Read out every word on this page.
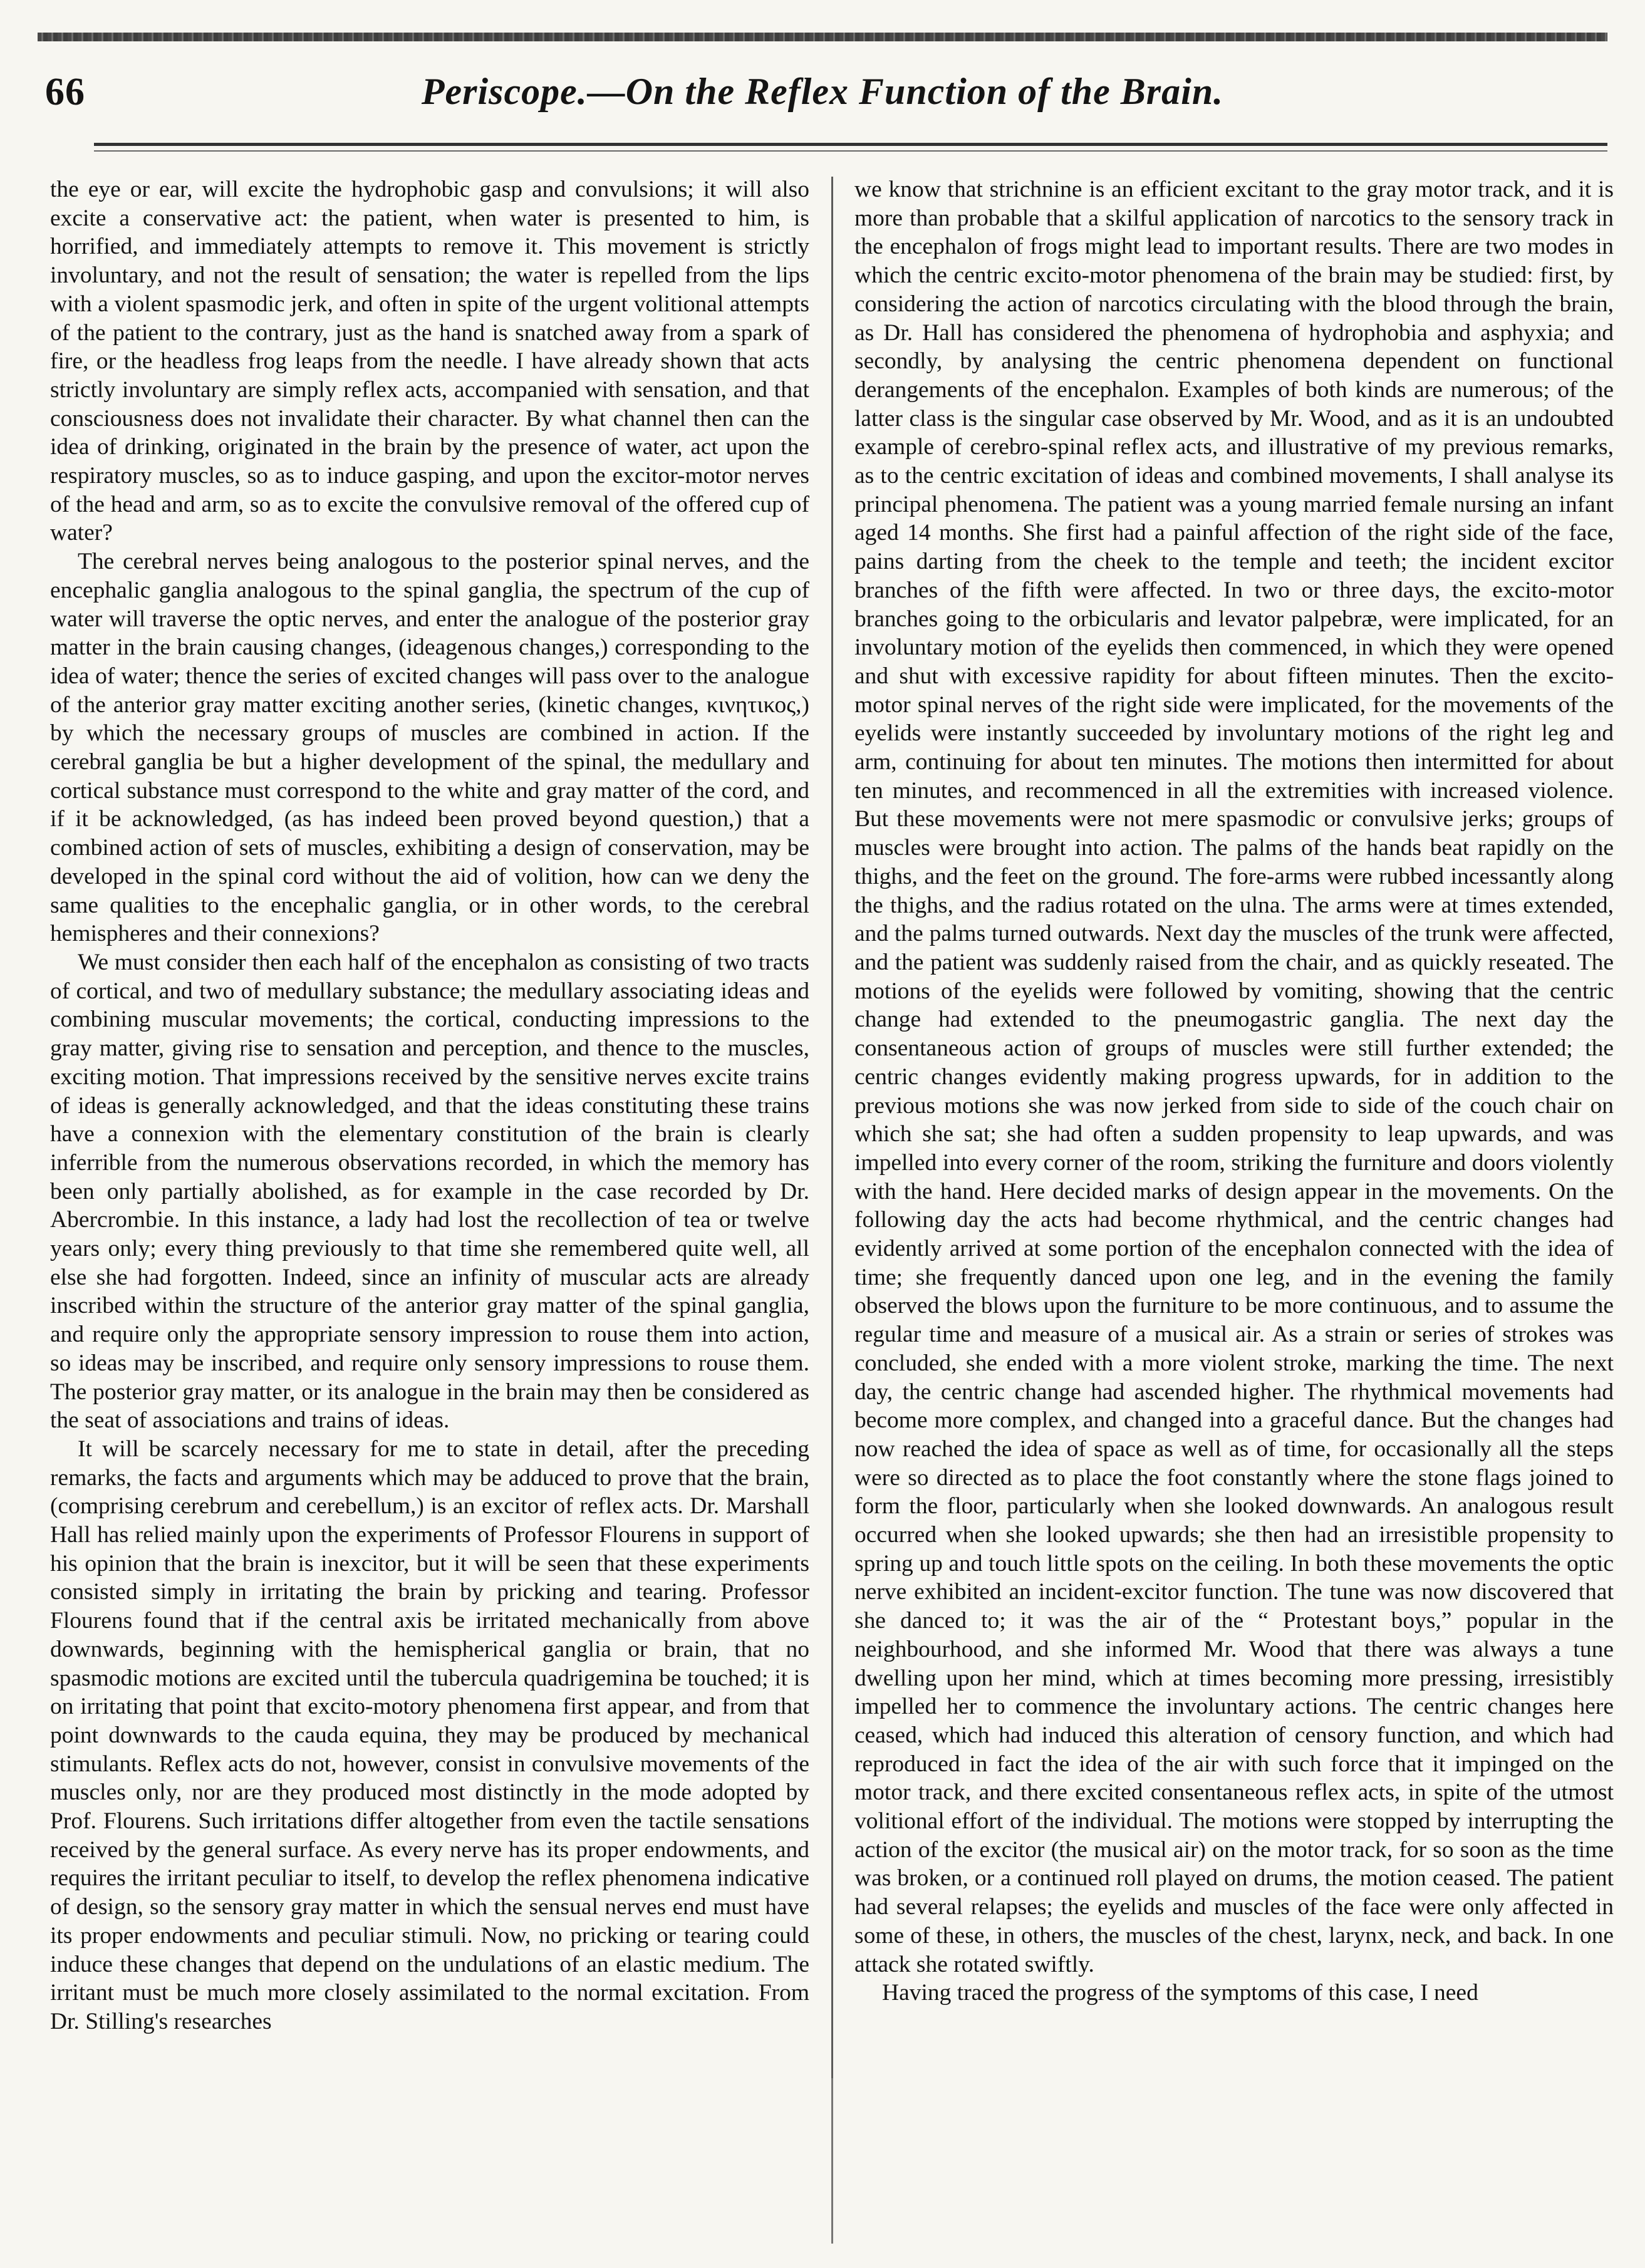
66	Periscope.—On the Reflex Function of the Brain.

the eye or ear, will excite the hydrophobic gasp and convulsions; it will also excite a conservative act: the patient, when water is presented to him, is horrified, and immediately attempts to remove it. This movement is strictly involuntary, and not the result of sensation; the water is repelled from the lips with a violent spasmodic jerk, and often in spite of the urgent volitional attempts of the patient to the contrary, just as the hand is snatched away from a spark of fire, or the headless frog leaps from the needle. I have already shown that acts strictly involuntary are simply reflex acts, accompanied with sensation, and that consciousness does not invalidate their character. By what channel then can the idea of drinking, originated in the brain by the presence of water, act upon the respiratory muscles, so as to induce gasping, and upon the excitor-motor nerves of the head and arm, so as to excite the convulsive removal of the offered cup of water?

The cerebral nerves being analogous to the posterior spinal nerves, and the encephalic ganglia analogous to the spinal ganglia, the spectrum of the cup of water will traverse the optic nerves, and enter the analogue of the posterior gray matter in the brain causing changes, (ideagenous changes,) corresponding to the idea of water; thence the series of excited changes will pass over to the analogue of the anterior gray matter exciting another series, (kinetic changes, κινητικος,) by which the necessary groups of muscles are combined in action. If the cerebral ganglia be but a higher development of the spinal, the medullary and cortical substance must correspond to the white and gray matter of the cord, and if it be acknowledged, (as has indeed been proved beyond question,) that a combined action of sets of muscles, exhibiting a design of conservation, may be developed in the spinal cord without the aid of volition, how can we deny the same qualities to the encephalic ganglia, or in other words, to the cerebral hemispheres and their connexions?

We must consider then each half of the encephalon as consisting of two tracts of cortical, and two of medullary substance; the medullary associating ideas and combining muscular movements; the cortical, conducting impressions to the gray matter, giving rise to sensation and perception, and thence to the muscles, exciting motion. That impressions received by the sensitive nerves excite trains of ideas is generally acknowledged, and that the ideas constituting these trains have a connexion with the elementary constitution of the brain is clearly inferrible from the numerous observations recorded, in which the memory has been only partially abolished, as for example in the case recorded by Dr. Abercrombie. In this instance, a lady had lost the recollection of tea or twelve years only; every thing previously to that time she remembered quite well, all else she had forgotten. Indeed, since an infinity of muscular acts are already inscribed within the structure of the anterior gray matter of the spinal ganglia, and require only the appropriate sensory impression to rouse them into action, so ideas may be inscribed, and require only sensory impressions to rouse them. The posterior gray matter, or its analogue in the brain may then be considered as the seat of associations and trains of ideas.

It will be scarcely necessary for me to state in detail, after the preceding remarks, the facts and arguments which may be adduced to prove that the brain, (comprising cerebrum and cerebellum,) is an excitor of reflex acts. Dr. Marshall Hall has relied mainly upon the experiments of Professor Flourens in support of his opinion that the brain is inexcitor, but it will be seen that these experiments consisted simply in irritating the brain by pricking and tearing. Professor Flourens found that if the central axis be irritated mechanically from above downwards, beginning with the hemispherical ganglia or brain, that no spasmodic motions are excited until the tubercula quadrigemina be touched; it is on irritating that point that excito-motory phenomena first appear, and from that point downwards to the cauda equina, they may be produced by mechanical stimulants. Reflex acts do not, however, consist in convulsive movements of the muscles only, nor are they produced most distinctly in the mode adopted by Prof. Flourens. Such irritations differ altogether from even the tactile sensations received by the general surface. As every nerve has its proper endowments, and requires the irritant peculiar to itself, to develop the reflex phenomena indicative of design, so the sensory gray matter in which the sensual nerves end must have its proper endowments and peculiar stimuli. Now, no pricking or tearing could induce these changes that depend on the undulations of an elastic medium. The irritant must be much more closely assimilated to the normal excitation. From Dr. Stilling's researches

we know that strichnine is an efficient excitant to the gray motor track, and it is more than probable that a skilful application of narcotics to the sensory track in the encephalon of frogs might lead to important results. There are two modes in which the centric excito-motor phenomena of the brain may be studied: first, by considering the action of narcotics circulating with the blood through the brain, as Dr. Hall has considered the phenomena of hydrophobia and asphyxia; and secondly, by analysing the centric phenomena dependent on functional derangements of the encephalon. Examples of both kinds are numerous; of the latter class is the singular case observed by Mr. Wood, and as it is an undoubted example of cerebro-spinal reflex acts, and illustrative of my previous remarks, as to the centric excitation of ideas and combined movements, I shall analyse its principal phenomena. The patient was a young married female nursing an infant aged 14 months. She first had a painful affection of the right side of the face, pains darting from the cheek to the temple and teeth; the incident excitor branches of the fifth were affected. In two or three days, the excito-motor branches going to the orbicularis and levator palpebræ, were implicated, for an involuntary motion of the eyelids then commenced, in which they were opened and shut with excessive rapidity for about fifteen minutes. Then the excito-motor spinal nerves of the right side were implicated, for the movements of the eyelids were instantly succeeded by involuntary motions of the right leg and arm, continuing for about ten minutes. The motions then intermitted for about ten minutes, and recommenced in all the extremities with increased violence. But these movements were not mere spasmodic or convulsive jerks; groups of muscles were brought into action. The palms of the hands beat rapidly on the thighs, and the feet on the ground. The fore-arms were rubbed incessantly along the thighs, and the radius rotated on the ulna. The arms were at times extended, and the palms turned outwards. Next day the muscles of the trunk were affected, and the patient was suddenly raised from the chair, and as quickly reseated. The motions of the eyelids were followed by vomiting, showing that the centric change had extended to the pneumogastric ganglia. The next day the consentaneous action of groups of muscles were still further extended; the centric changes evidently making progress upwards, for in addition to the previous motions she was now jerked from side to side of the couch chair on which she sat; she had often a sudden propensity to leap upwards, and was impelled into every corner of the room, striking the furniture and doors violently with the hand. Here decided marks of design appear in the movements. On the following day the acts had become rhythmical, and the centric changes had evidently arrived at some portion of the encephalon connected with the idea of time; she frequently danced upon one leg, and in the evening the family observed the blows upon the furniture to be more continuous, and to assume the regular time and measure of a musical air. As a strain or series of strokes was concluded, she ended with a more violent stroke, marking the time. The next day, the centric change had ascended higher. The rhythmical movements had become more complex, and changed into a graceful dance. But the changes had now reached the idea of space as well as of time, for occasionally all the steps were so directed as to place the foot constantly where the stone flags joined to form the floor, particularly when she looked downwards. An analogous result occurred when she looked upwards; she then had an irresistible propensity to spring up and touch little spots on the ceiling. In both these movements the optic nerve exhibited an incident-excitor function. The tune was now discovered that she danced to; it was the air of the “ Protestant boys,” popular in the neighbourhood, and she informed Mr. Wood that there was always a tune dwelling upon her mind, which at times becoming more pressing, irresistibly impelled her to commence the involuntary actions. The centric changes here ceased, which had induced this alteration of censory function, and which had reproduced in fact the idea of the air with such force that it impinged on the motor track, and there excited consentaneous reflex acts, in spite of the utmost volitional effort of the individual. The motions were stopped by interrupting the action of the excitor (the musical air) on the motor track, for so soon as the time was broken, or a continued roll played on drums, the motion ceased. The patient had several relapses; the eyelids and muscles of the face were only affected in some of these, in others, the muscles of the chest, larynx, neck, and back. In one attack she rotated swiftly.

Having traced the progress of the symptoms of this case, I need
